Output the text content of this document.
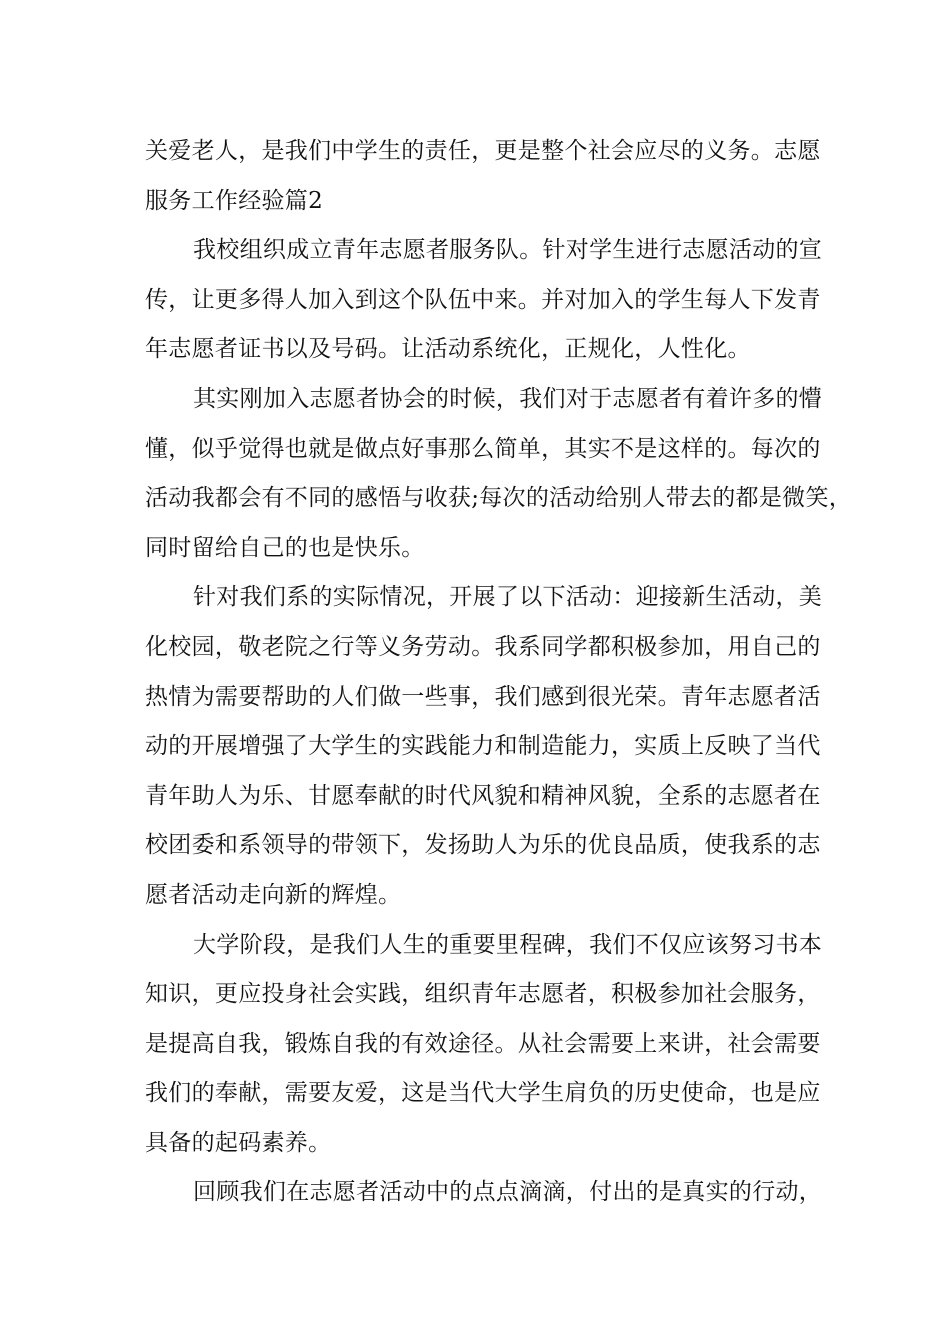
关爱老人，是我们中学生的责任，更是整个社会应尽的义务。志愿
服务工作经验篇2
我校组织成立青年志愿者服务队。针对学生进行志愿活动的宣
传，让更多得人加入到这个队伍中来。并对加入的学生每人下发青
年志愿者证书以及号码。让活动系统化，正规化，人性化。
其实刚加入志愿者协会的时候，我们对于志愿者有着许多的懵
懂，似乎觉得也就是做点好事那么简单，其实不是这样的。每次的
活动我都会有不同的感悟与收获;每次的活动给别人带去的都是微笑，
同时留给自己的也是快乐。
针对我们系的实际情况，开展了以下活动：迎接新生活动，美
化校园，敬老院之行等义务劳动。我系同学都积极参加，用自己的
热情为需要帮助的人们做一些事，我们感到很光荣。青年志愿者活
动的开展增强了大学生的实践能力和制造能力，实质上反映了当代
青年助人为乐、甘愿奉献的时代风貌和精神风貌，全系的志愿者在
校团委和系领导的带领下，发扬助人为乐的优良品质，使我系的志
愿者活动走向新的辉煌。
大学阶段，是我们人生的重要里程碑，我们不仅应该努习书本
知识，更应投身社会实践，组织青年志愿者，积极参加社会服务，
是提高自我，锻炼自我的有效途径。从社会需要上来讲，社会需要
我们的奉献，需要友爱，这是当代大学生肩负的历史使命，也是应
具备的起码素养。
回顾我们在志愿者活动中的点点滴滴，付出的是真实的行动，
